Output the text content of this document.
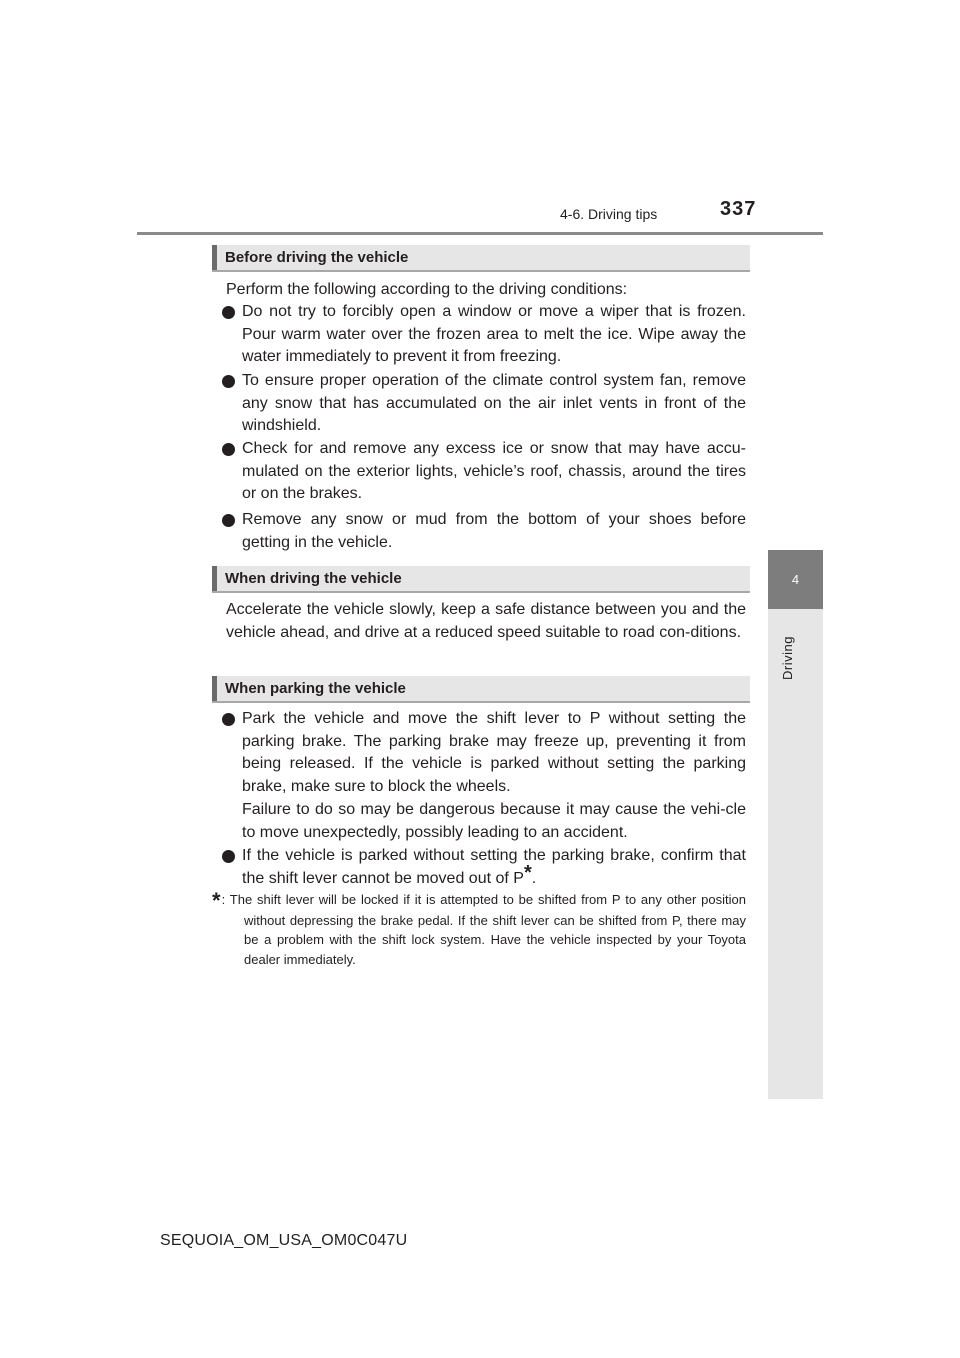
4-6. Driving tips	337
4
Driving
Before driving the vehicle
Perform the following according to the driving conditions:
Do not try to forcibly open a window or move a wiper that is frozen. Pour warm water over the frozen area to melt the ice. Wipe away the water immediately to prevent it from freezing.
To ensure proper operation of the climate control system fan, remove any snow that has accumulated on the air inlet vents in front of the windshield.
Check for and remove any excess ice or snow that may have accu-mulated on the exterior lights, vehicle’s roof, chassis, around the tires or on the brakes.
Remove any snow or mud from the bottom of your shoes before getting in the vehicle.
When driving the vehicle
Accelerate the vehicle slowly, keep a safe distance between you and the vehicle ahead, and drive at a reduced speed suitable to road con-ditions.
When parking the vehicle

Park the vehicle and move the shift lever to P without setting the parking brake. The parking brake may freeze up, preventing it from being released. If the vehicle is parked without setting the parking brake, make sure to block the wheels.

Failure to do so may be dangerous because it may cause the vehi-cle to move unexpectedly, possibly leading to an accident.

If the vehicle is parked without setting the parking brake, confirm that the shift lever cannot be moved out of P*.
*: The shift lever will be locked if it is attempted to be shifted from P to any other position without depressing the brake pedal. If the shift lever can be shifted from P, there may be a problem with the shift lock system. Have the vehicle inspected by your Toyota dealer immediately.
SEQUOIA_OM_USA_OM0C047U
